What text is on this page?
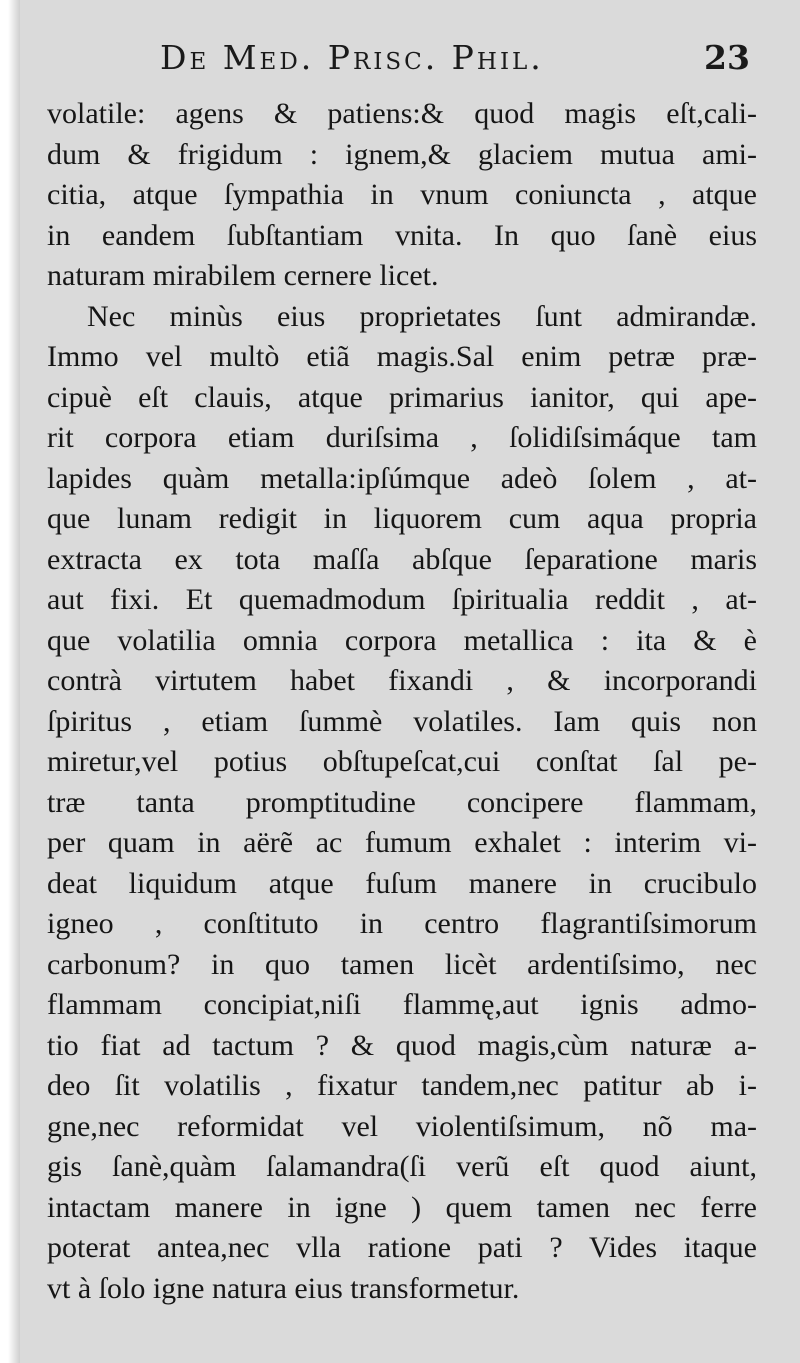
De Med. Prisc. Phil.	23
volatile: agens & patiens:& quod magis eſt,cali-
dum & frigidum : ignem,& glaciem mutua ami-
citia, atque ſympathia in vnum coniuncta , atque
in eandem ſubſtantiam vnita. In quo ſanè eius
naturam mirabilem cernere licet.
Nec minùs eius proprietates ſunt admirandæ.
Immo vel multò etiã magis.Sal enim petræ præ-
cipuè eſt clauis, atque primarius ianitor, qui ape-
rit corpora etiam duriſsima , ſolidiſsimáque tam
lapides quàm metalla:ipſúmque adeò ſolem , at-
que lunam redigit in liquorem cum aqua propria
extracta ex tota maſſa abſque ſeparatione maris
aut fixi. Et quemadmodum ſpiritualia reddit , at-
que volatilia omnia corpora metallica : ita & è
contrà virtutem habet fixandi , & incorporandi
ſpiritus , etiam ſummè volatiles. Iam quis non
miretur,vel potius obſtupeſcat,cui conſtat ſal pe-
træ tanta promptitudine concipere flammam,
per quam in aërẽ ac fumum exhalet : interim vi-
deat liquidum atque fuſum manere in crucibulo
igneo , conſtituto in centro flagrantiſsimorum
carbonum? in quo tamen licèt ardentiſsimo, nec
flammam concipiat,niſi flammę,aut ignis admo-
tio fiat ad tactum ? & quod magis,cùm naturæ a-
deo ſit volatilis , fixatur tandem,nec patitur ab i-
gne,nec reformidat vel violentiſsimum, nõ ma-
gis ſanè,quàm ſalamandra(ſi verũ eſt quod aiunt,
intactam manere in igne ) quem tamen nec ferre
poterat antea,nec vlla ratione pati ? Vides itaque
vt à ſolo igne natura eius transformetur.
